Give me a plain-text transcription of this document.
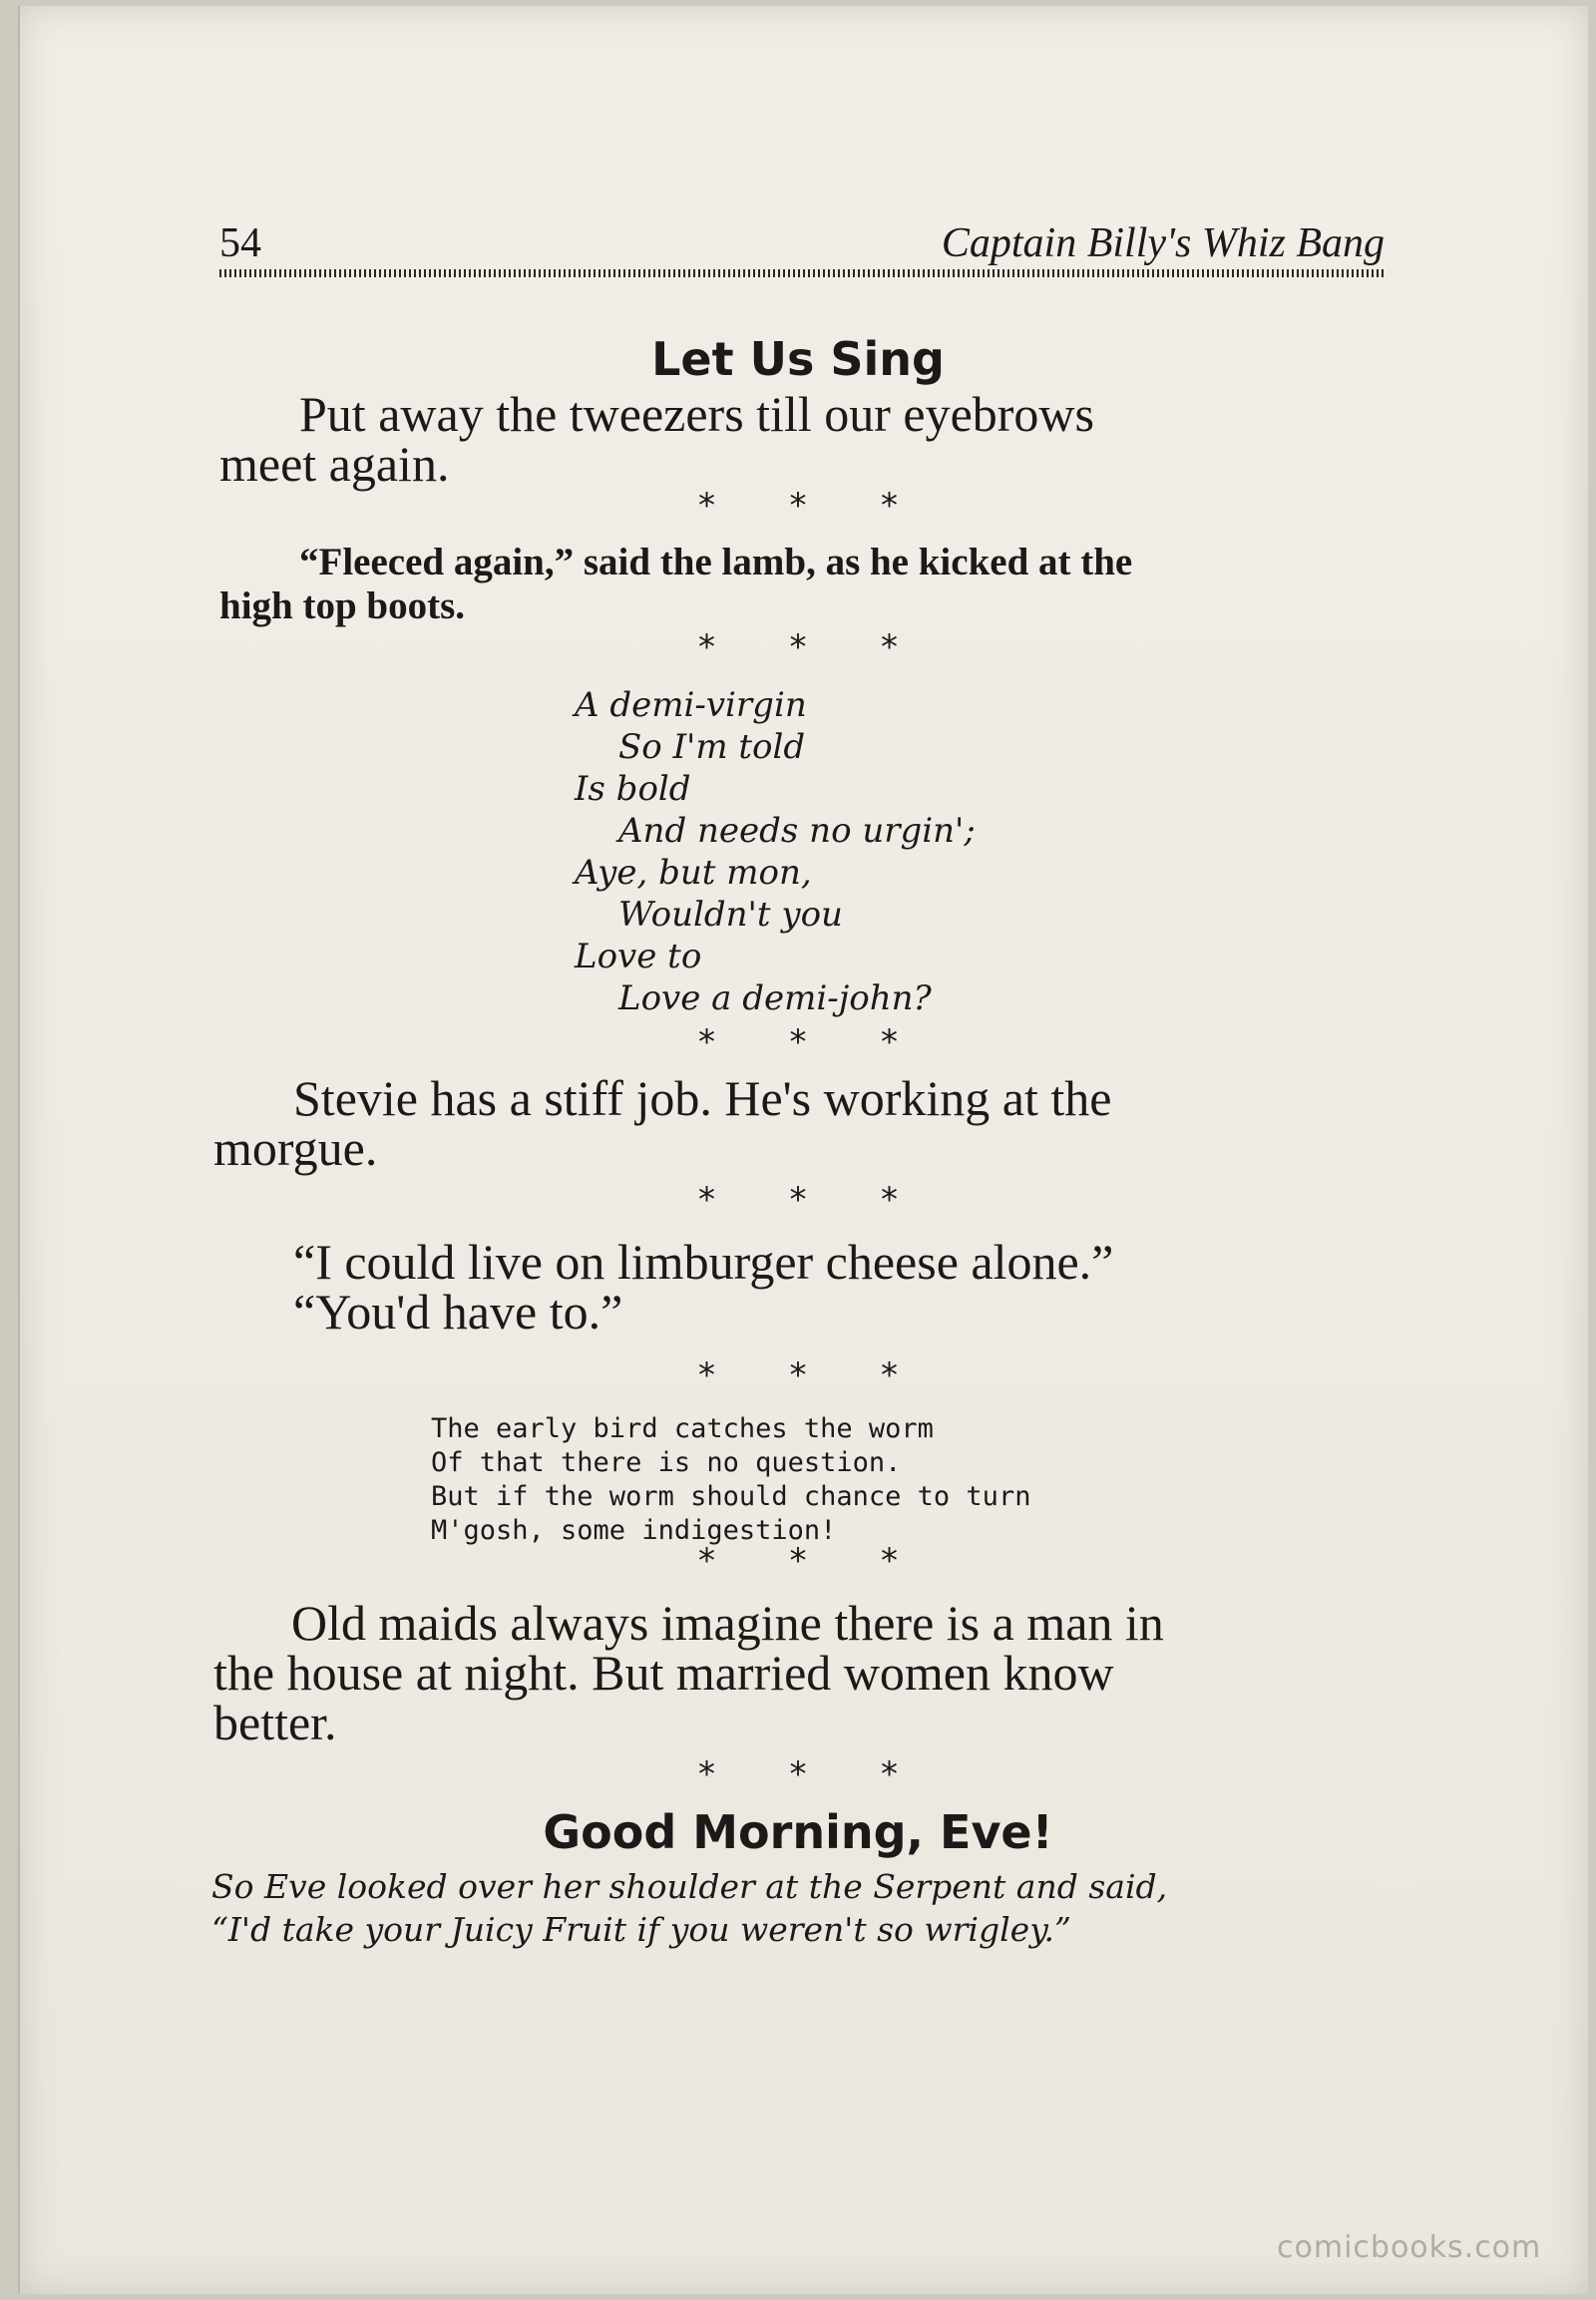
54	Captain Billy's Whiz Bang
Let Us Sing
Put away the tweezers till our eyebrows
meet again.
* * *
“Fleeced again,” said the lamb, as he kicked at the
high top boots.
* * *
A demi-virgin
So I'm told
Is bold
And needs no urgin';
Aye, but mon,
Wouldn't you
Love to
Love a demi-john?
* * *
Stevie has a stiff job. He's working at the
morgue.
* * *
“I could live on limburger cheese alone.”
“You'd have to.”
* * *
The early bird catches the worm
Of that there is no question.
But if the worm should chance to turn
M'gosh, some indigestion!
* * *
Old maids always imagine there is a man in
the house at night. But married women know
better.
* * *
Good Morning, Eve!
So Eve looked over her shoulder at the Serpent and said,
“I'd take your Juicy Fruit if you weren't so wrigley.”
comicbooks.com
